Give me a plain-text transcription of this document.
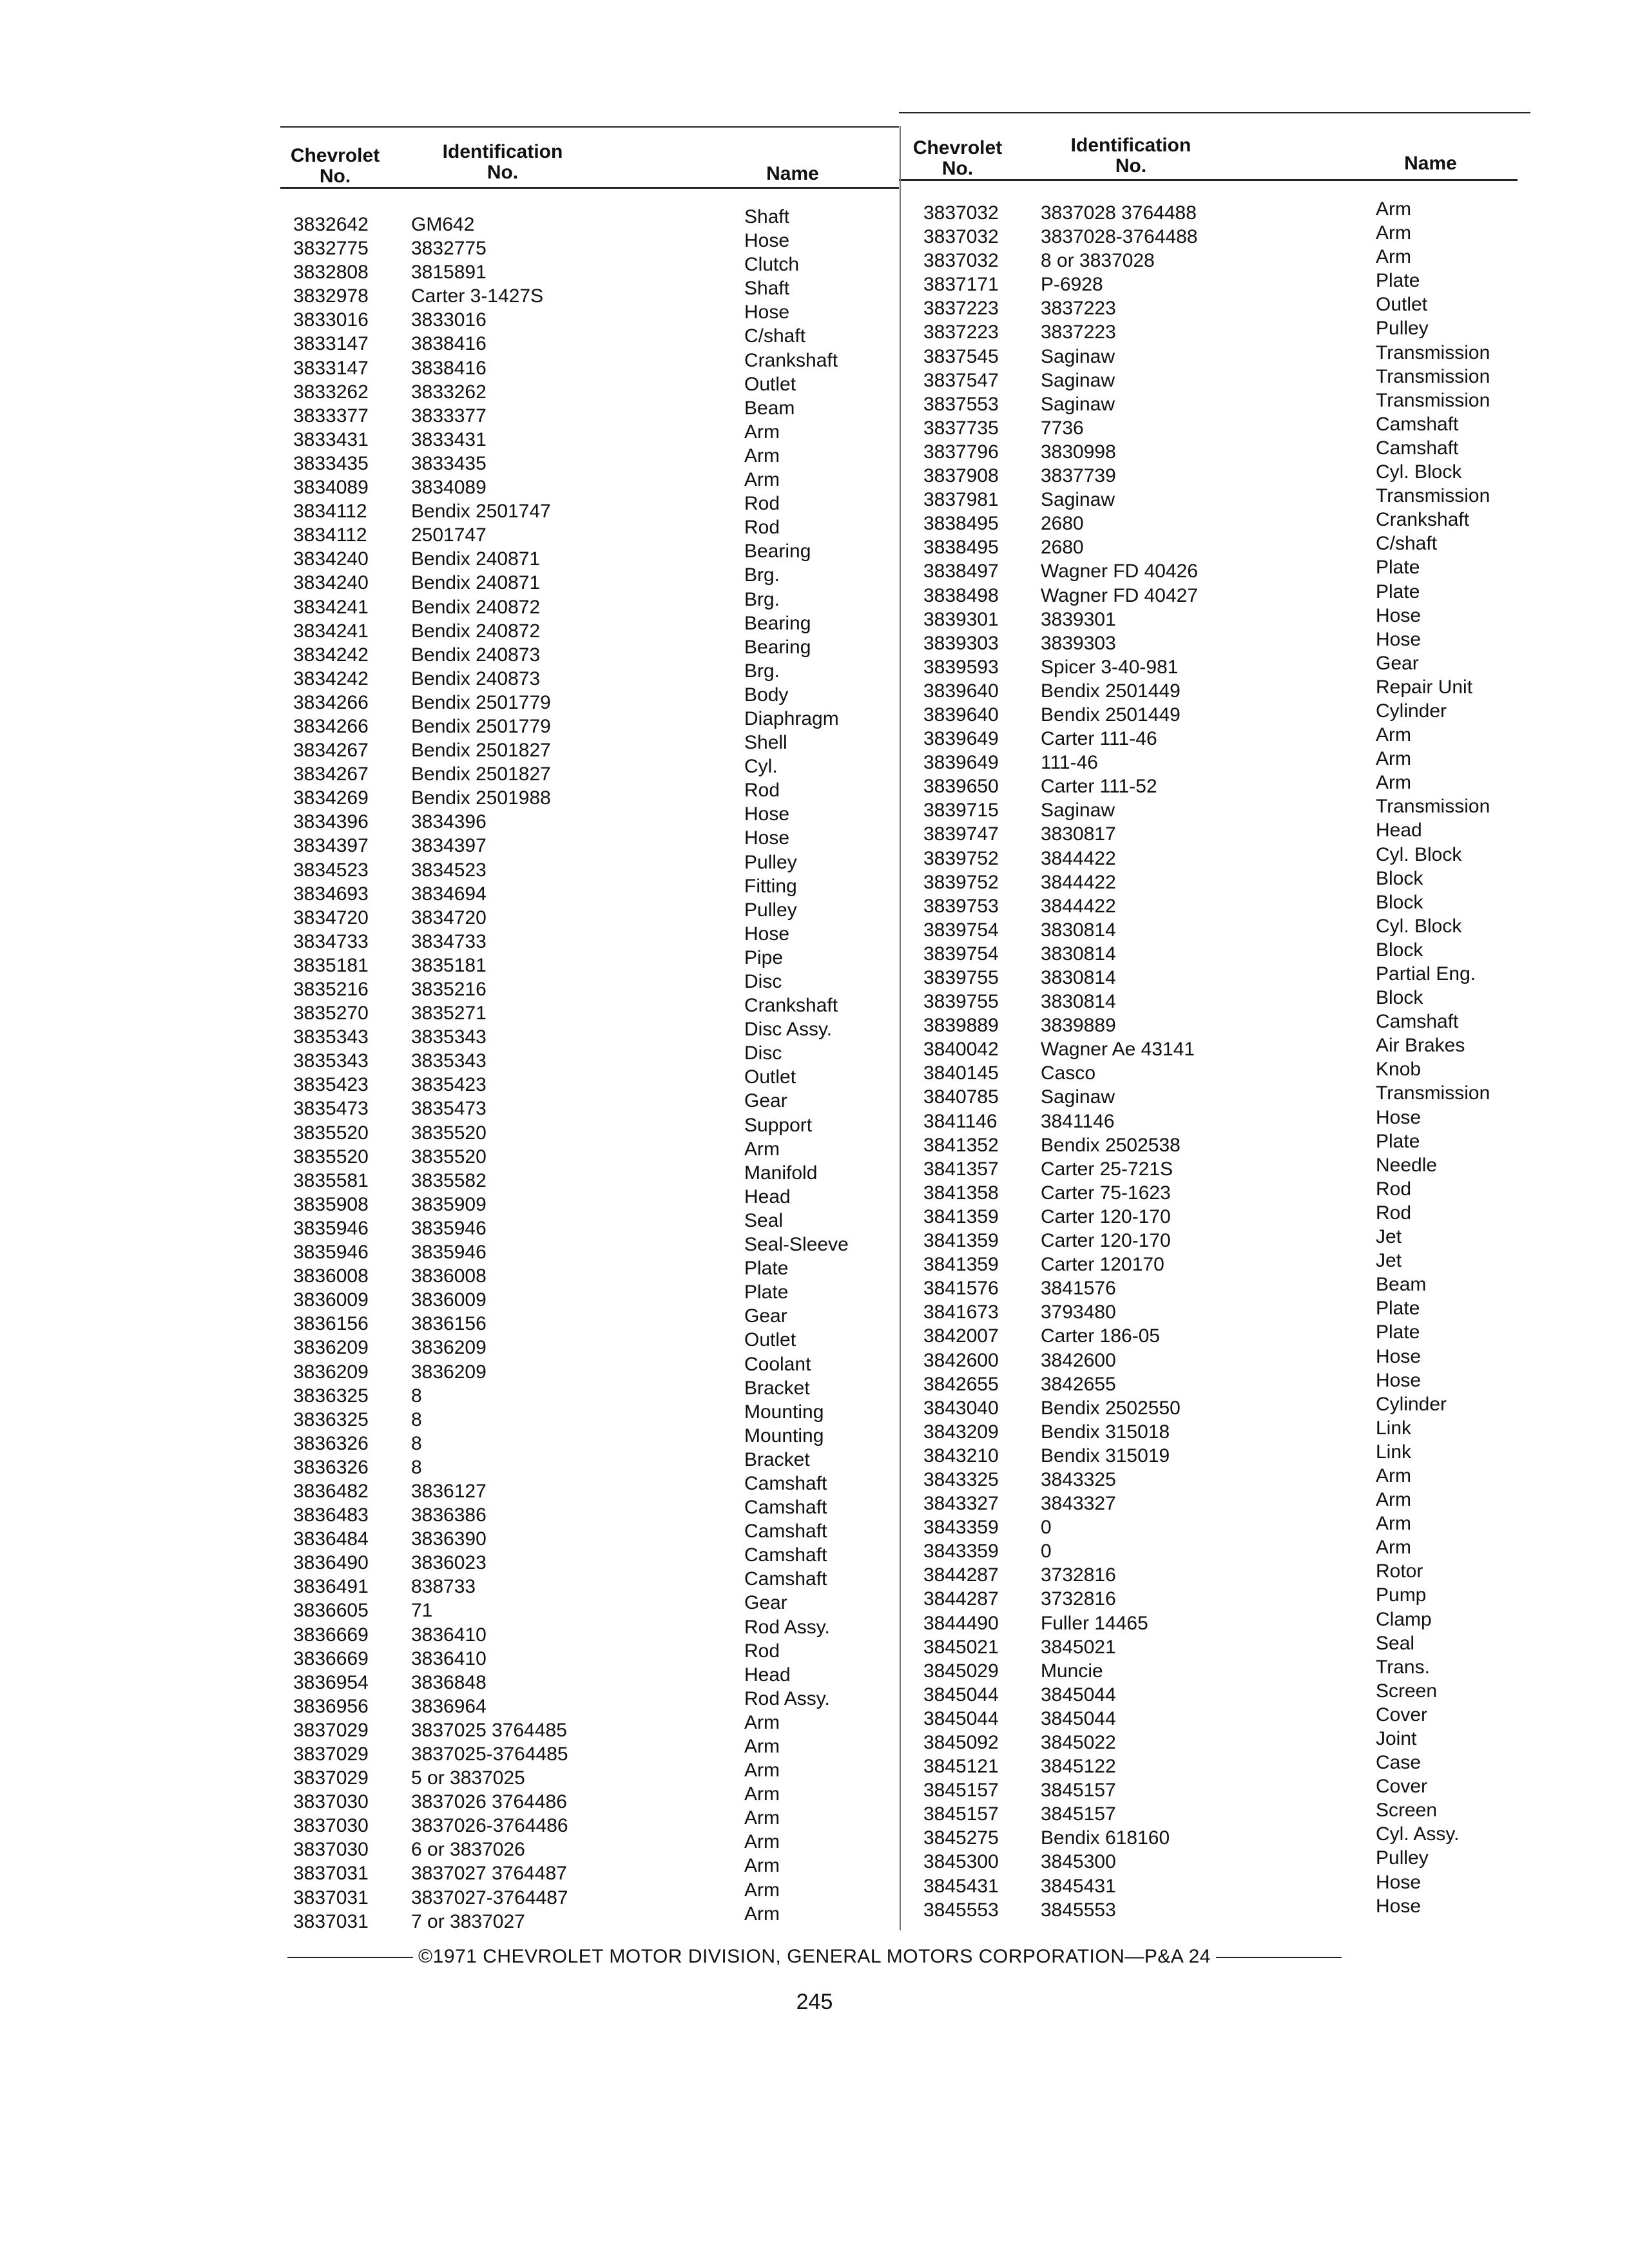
Chevrolet
No.
Identification
No.	Name
Chevrolet
No.
Identification
No.	Name
3832642
3832775
3832808
3832978
3833016
3833147
3833147
3833262
3833377
3833431
3833435
3834089
3834112
3834112
3834240
3834240
3834241
3834241
3834242
3834242
3834266
3834266
3834267
3834267
3834269
3834396
3834397
3834523
3834693
3834720
3834733
3835181
3835216
3835270
3835343
3835343
3835423
3835473
3835520
3835520
3835581
3835908
3835946
3835946
3836008
3836009
3836156
3836209
3836209
3836325
3836325
3836326
3836326
3836482
3836483
3836484
3836490
3836491
3836605
3836669
3836669
3836954
3836956
3837029
3837029
3837029
3837030
3837030
3837030
3837031
3837031
3837031
GM642
3832775
3815891
Carter 3-1427S
3833016
3838416
3838416
3833262
3833377
3833431
3833435
3834089
Bendix 2501747
2501747
Bendix 240871
Bendix 240871
Bendix 240872
Bendix 240872
Bendix 240873
Bendix 240873
Bendix 2501779
Bendix 2501779
Bendix 2501827
Bendix 2501827
Bendix 2501988
3834396
3834397
3834523
3834694
3834720
3834733
3835181
3835216
3835271
3835343
3835343
3835423
3835473
3835520
3835520
3835582
3835909
3835946
3835946
3836008
3836009
3836156
3836209
3836209
8
8
8
8
3836127
3836386
3836390
3836023
838733
71
3836410
3836410
3836848
3836964
3837025 3764485
3837025-3764485
5 or 3837025
3837026 3764486
3837026-3764486
6 or 3837026
3837027 3764487
3837027-3764487
7 or 3837027
Shaft
Hose
Clutch
Shaft
Hose
C/shaft
Crankshaft
Outlet
Beam
Arm
Arm
Arm
Rod
Rod
Bearing
Brg.
Brg.
Bearing
Bearing
Brg.
Body
Diaphragm
Shell
Cyl.
Rod
Hose
Hose
Pulley
Fitting
Pulley
Hose
Pipe
Disc
Crankshaft
Disc Assy.
Disc
Outlet
Gear
Support
Arm
Manifold
Head
Seal
Seal-Sleeve
Plate
Plate
Gear
Outlet
Coolant
Bracket
Mounting
Mounting
Bracket
Camshaft
Camshaft
Camshaft
Camshaft
Camshaft
Gear
Rod Assy.
Rod
Head
Rod Assy.
Arm
Arm
Arm
Arm
Arm
Arm
Arm
Arm
Arm
3837032
3837032
3837032
3837171
3837223
3837223
3837545
3837547
3837553
3837735
3837796
3837908
3837981
3838495
3838495
3838497
3838498
3839301
3839303
3839593
3839640
3839640
3839649
3839649
3839650
3839715
3839747
3839752
3839752
3839753
3839754
3839754
3839755
3839755
3839889
3840042
3840145
3840785
3841146
3841352
3841357
3841358
3841359
3841359
3841359
3841576
3841673
3842007
3842600
3842655
3843040
3843209
3843210
3843325
3843327
3843359
3843359
3844287
3844287
3844490
3845021
3845029
3845044
3845044
3845092
3845121
3845157
3845157
3845275
3845300
3845431
3845553
3837028 3764488
3837028-3764488
8 or 3837028
P-6928
3837223
3837223
Saginaw
Saginaw
Saginaw
7736
3830998
3837739
Saginaw
2680
2680
Wagner FD 40426
Wagner FD 40427
3839301
3839303
Spicer 3-40-981
Bendix 2501449
Bendix 2501449
Carter 111-46
111-46
Carter 111-52
Saginaw
3830817
3844422
3844422
3844422
3830814
3830814
3830814
3830814
3839889
Wagner Ae 43141
Casco
Saginaw
3841146
Bendix 2502538
Carter 25-721S
Carter 75-1623
Carter 120-170
Carter 120-170
Carter 120170
3841576
3793480
Carter 186-05
3842600
3842655
Bendix 2502550
Bendix 315018
Bendix 315019
3843325
3843327
0
0
3732816
3732816
Fuller 14465
3845021
Muncie
3845044
3845044
3845022
3845122
3845157
3845157
Bendix 618160
3845300
3845431
3845553
Arm
Arm
Arm
Plate
Outlet
Pulley
Transmission
Transmission
Transmission
Camshaft
Camshaft
Cyl. Block
Transmission
Crankshaft
C/shaft
Plate
Plate
Hose
Hose
Gear
Repair Unit
Cylinder
Arm
Arm
Arm
Transmission
Head
Cyl. Block
Block
Block
Cyl. Block
Block
Partial Eng.
Block
Camshaft
Air Brakes
Knob
Transmission
Hose
Plate
Needle
Rod
Rod
Jet
Jet
Beam
Plate
Plate
Hose
Hose
Cylinder
Link
Link
Arm
Arm
Arm
Arm
Rotor
Pump
Clamp
Seal
Trans.
Screen
Cover
Joint
Case
Cover
Screen
Cyl. Assy.
Pulley
Hose
Hose
©1971 CHEVROLET MOTOR DIVISION, GENERAL MOTORS CORPORATION—P&A 24
245
